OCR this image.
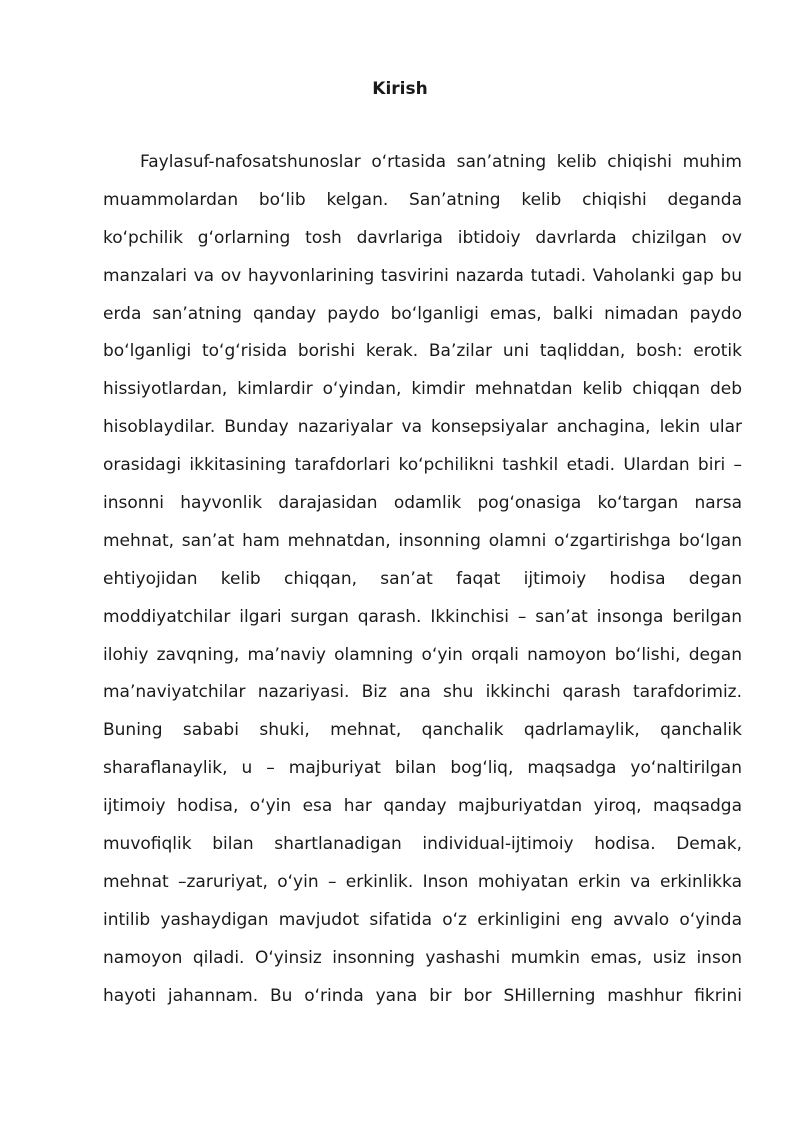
Kirish
Faylasuf-nafosatshunoslar o‘rtasida san’atning kelib chiqishi muhim
muammolardan bo‘lib kelgan. San’atning kelib chiqishi deganda
ko‘pchilik g‘orlarning tosh davrlariga ibtidoiy davrlarda chizilgan ov
manzalari va ov hayvonlarining tasvirini nazarda tutadi. Vaholanki gap bu
erda san’atning qanday paydo bo‘lganligi emas, balki nimadan paydo
bo‘lganligi to‘g‘risida borishi kerak. Ba’zilar uni taqliddan, bosh: erotik
hissiyotlardan, kimlardir o‘yindan, kimdir mehnatdan kelib chiqqan deb
hisoblaydilar. Bunday nazariyalar va konsepsiyalar anchagina, lekin ular
orasidagi ikkitasining tarafdorlari ko‘pchilikni tashkil etadi. Ulardan biri –
insonni hayvonlik darajasidan odamlik pog‘onasiga ko‘targan narsa
mehnat, san’at ham mehnatdan, insonning olamni o‘zgartirishga bo‘lgan
ehtiyojidan kelib chiqqan, san’at faqat ijtimoiy hodisa degan
moddiyatchilar ilgari surgan qarash. Ikkinchisi – san’at insonga berilgan
ilohiy zavqning, ma’naviy olamning o‘yin orqali namoyon bo‘lishi, degan
ma’naviyatchilar nazariyasi. Biz ana shu ikkinchi qarash tarafdorimiz.
Buning sababi shuki, mehnat, qanchalik qadrlamaylik, qanchalik
sharaflanaylik, u – majburiyat bilan bog‘liq, maqsadga yo‘naltirilgan
ijtimoiy hodisa, o‘yin esa har qanday majburiyatdan yiroq, maqsadga
muvofiqlik bilan shartlanadigan individual-ijtimoiy hodisa. Demak,
mehnat –zaruriyat, o‘yin – erkinlik. Inson mohiyatan erkin va erkinlikka
intilib yashaydigan mavjudot sifatida o‘z erkinligini eng avvalo o‘yinda
namoyon qiladi. O‘yinsiz insonning yashashi mumkin emas, usiz inson
hayoti jahannam. Bu o‘rinda yana bir bor SHillerning mashhur fikrini
